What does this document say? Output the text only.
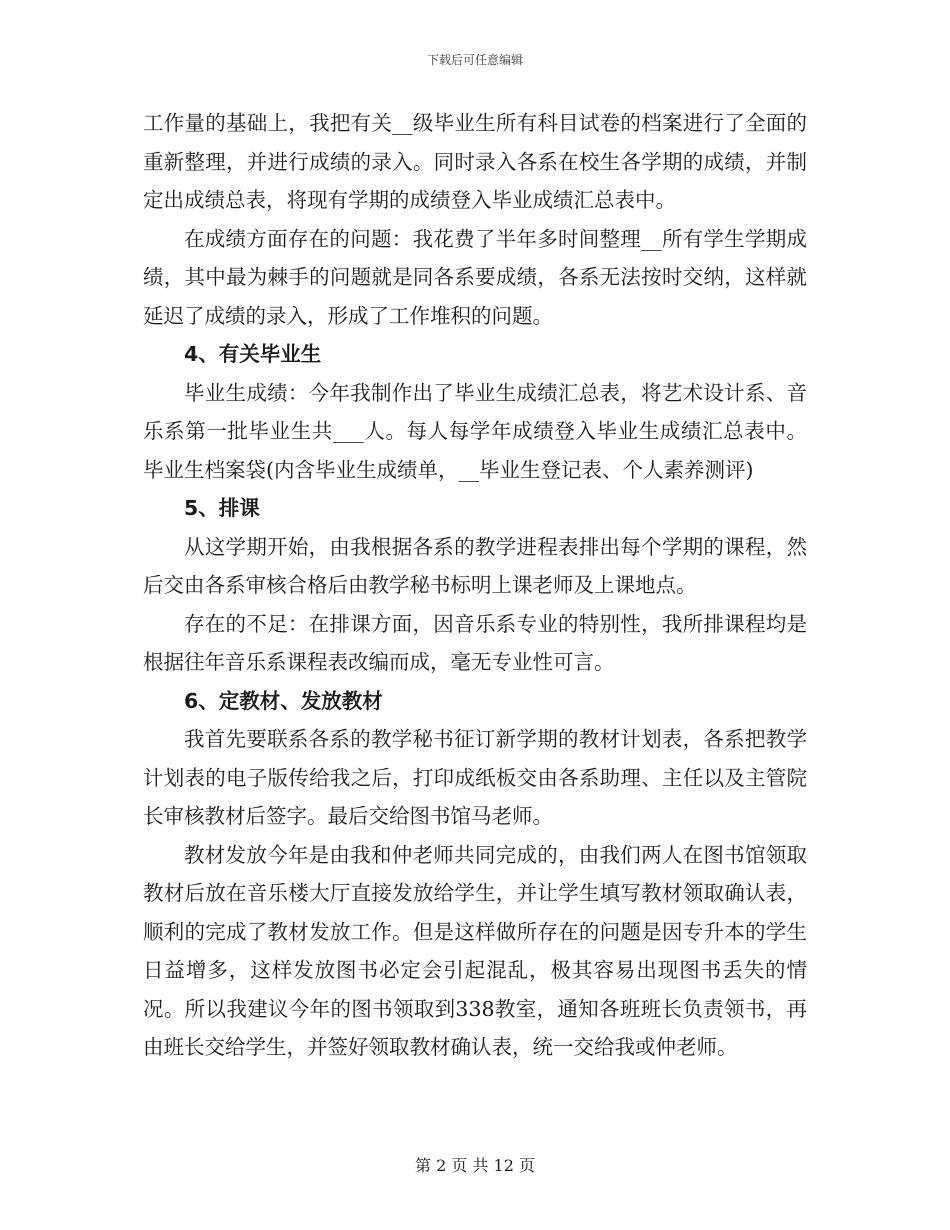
下载后可任意编辑

工作量的基础上，我把有关__级毕业生所有科目试卷的档案进行了全面的重新整理，并进行成绩的录入。同时录入各系在校生各学期的成绩，并制定出成绩总表，将现有学期的成绩登入毕业成绩汇总表中。

在成绩方面存在的问题：我花费了半年多时间整理__所有学生学期成绩，其中最为棘手的问题就是同各系要成绩，各系无法按时交纳，这样就延迟了成绩的录入，形成了工作堆积的问题。

4、有关毕业生

毕业生成绩：今年我制作出了毕业生成绩汇总表，将艺术设计系、音乐系第一批毕业生共___人。每人每学年成绩登入毕业生成绩汇总表中。毕业生档案袋(内含毕业生成绩单，__毕业生登记表、个人素养测评)

5、排课

从这学期开始，由我根据各系的教学进程表排出每个学期的课程，然后交由各系审核合格后由教学秘书标明上课老师及上课地点。

存在的不足：在排课方面，因音乐系专业的特别性，我所排课程均是根据往年音乐系课程表改编而成，毫无专业性可言。

6、定教材、发放教材

我首先要联系各系的教学秘书征订新学期的教材计划表，各系把教学计划表的电子版传给我之后，打印成纸板交由各系助理、主任以及主管院长审核教材后签字。最后交给图书馆马老师。

教材发放今年是由我和仲老师共同完成的，由我们两人在图书馆领取教材后放在音乐楼大厅直接发放给学生，并让学生填写教材领取确认表，顺利的完成了教材发放工作。但是这样做所存在的问题是因专升本的学生日益增多，这样发放图书必定会引起混乱，极其容易出现图书丢失的情况。所以我建议今年的图书领取到338教室，通知各班班长负责领书，再由班长交给学生，并签好领取教材确认表，统一交给我或仲老师。

第 2 页 共 12 页
